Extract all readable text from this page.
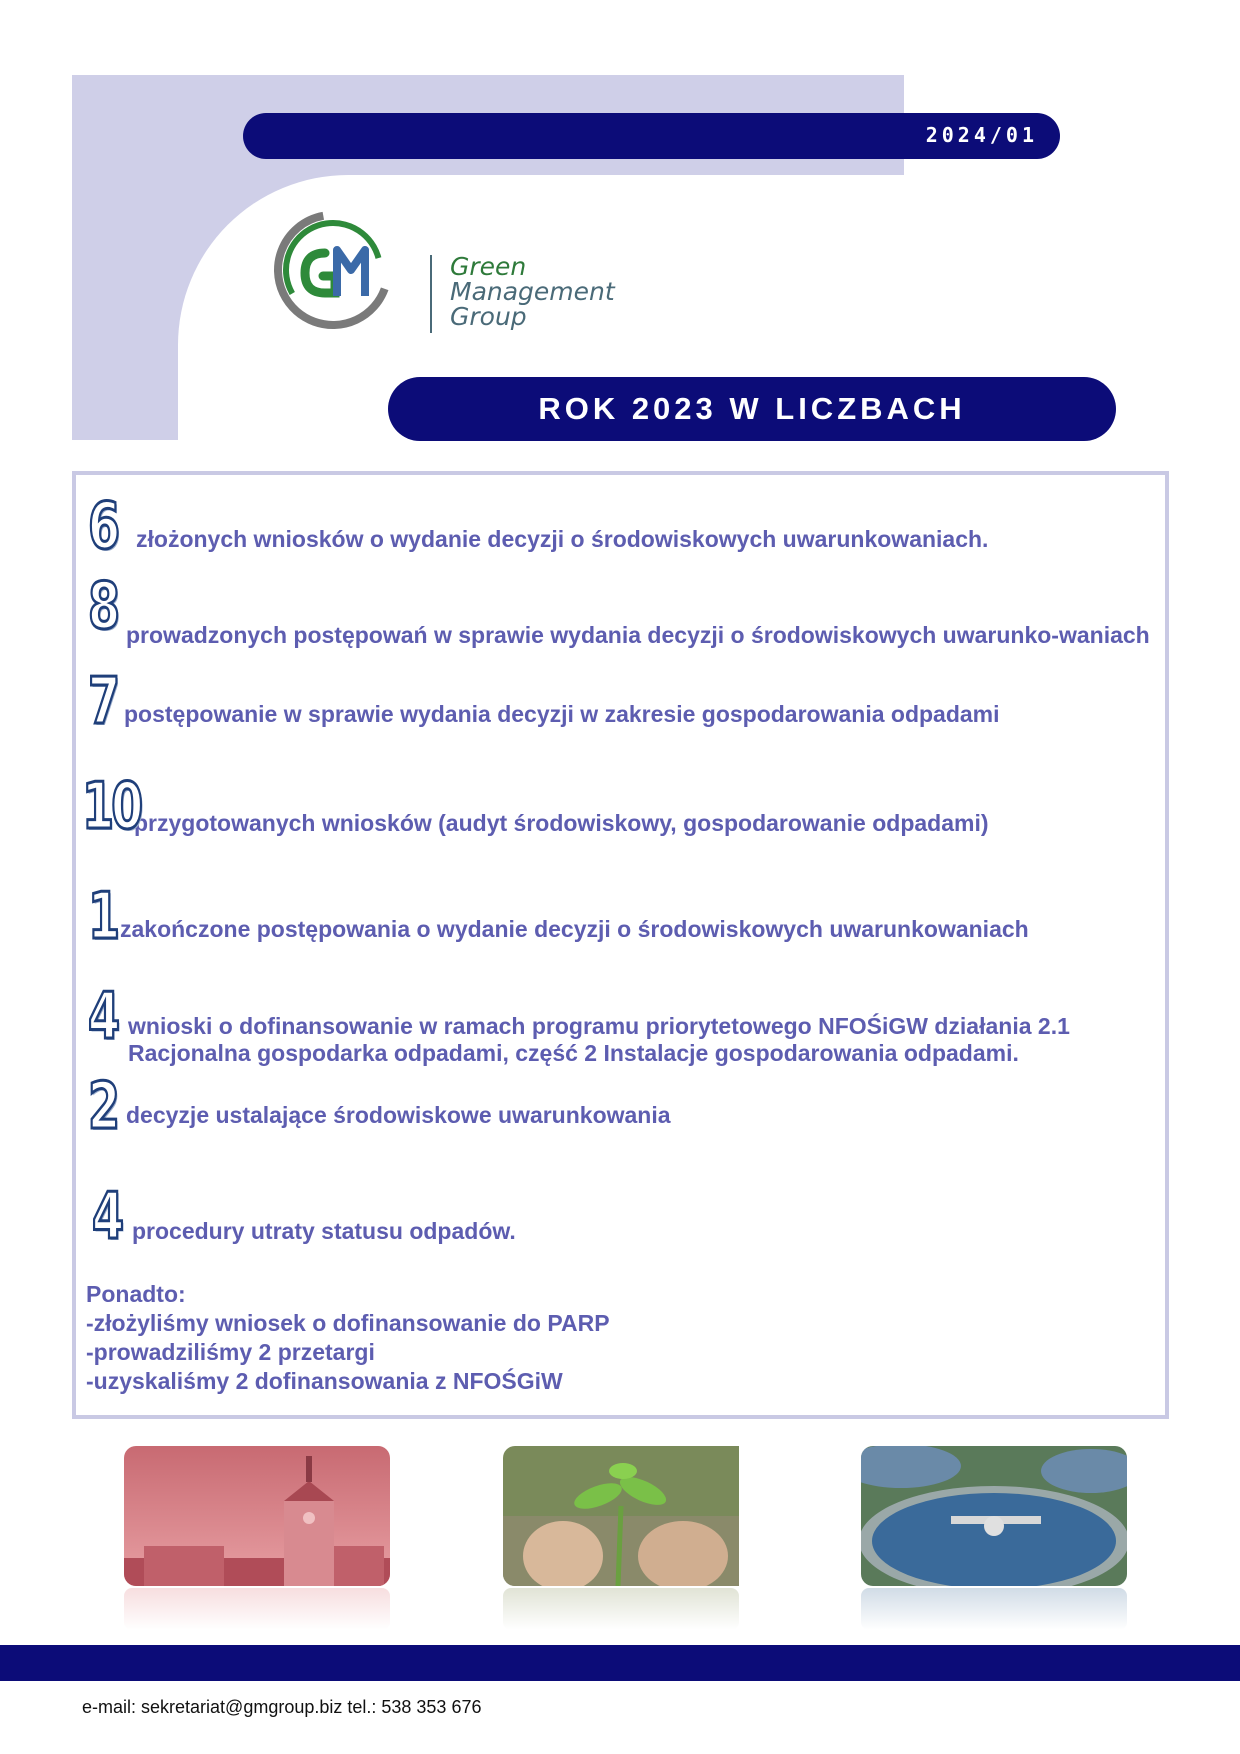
2024/01
Green
Management
Group
ROK 2023 W LICZBACH
6 złożonych wniosków o wydanie decyzji o środowiskowych uwarunkowaniach.
8 prowadzonych postępowań w sprawie wydania decyzji o środowiskowych uwarunko-waniach
7 postępowanie w sprawie wydania decyzji w zakresie gospodarowania odpadami
10
przygotowanych wniosków (audyt środowiskowy, gospodarowanie odpadami)
1 zakończone postępowania o wydanie decyzji o środowiskowych uwarunkowaniach
4 wnioski o dofinansowanie w ramach programu priorytetowego NFOŚiGW działania 2.1 Racjonalna gospodarka odpadami, część 2 Instalacje gospodarowania odpadami.
2 decyzje ustalające środowiskowe uwarunkowania
4 procedury utraty statusu odpadów.
Ponadto:
-złożyliśmy wniosek o dofinansowanie do PARP
-prowadziliśmy 2 przetargi
-uzyskaliśmy 2 dofinansowania z NFOŚGiW
e-mail: sekretariat@gmgroup.biz tel.: 538 353 676
